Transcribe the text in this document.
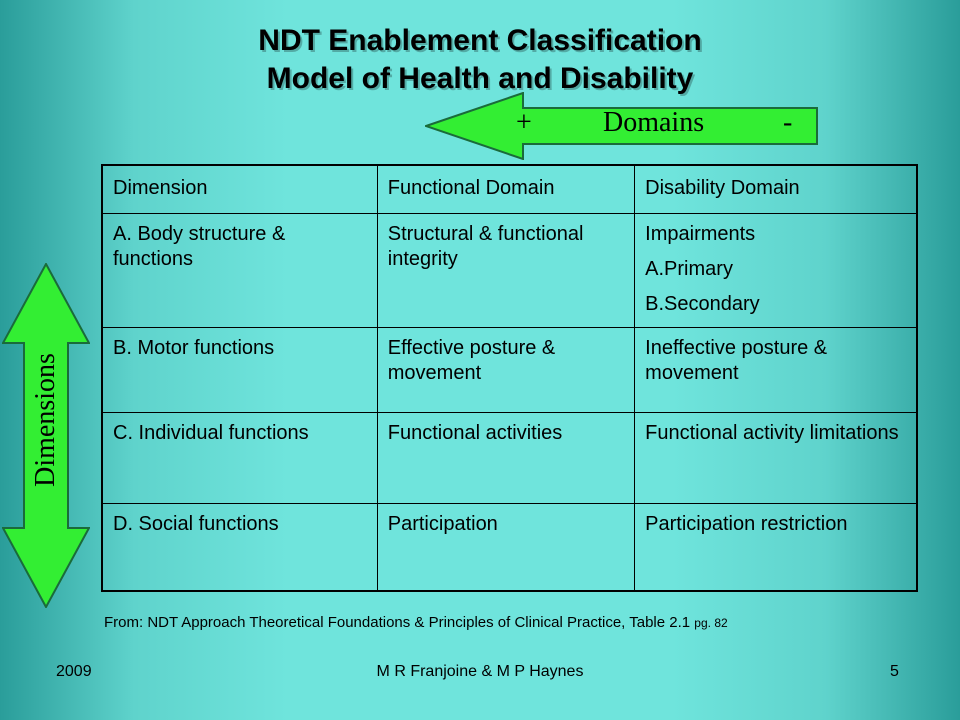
NDT Enablement Classification
Model of Health and Disability
+	Domains	-
Dimensions
Dimension	Functional Domain	Disability Domain
A. Body structure & functions	Structural & functional integrity	Impairments
A.Primary
B.Secondary

B. Motor functions	Effective posture & movement	Ineffective posture & movement
C. Individual functions	Functional activities	Functional activity limitations
D. Social functions	Participation	Participation restriction
From: NDT Approach Theoretical Foundations & Principles of Clinical Practice, Table 2.1 pg. 82
2009	M R Franjoine & M P Haynes	5
